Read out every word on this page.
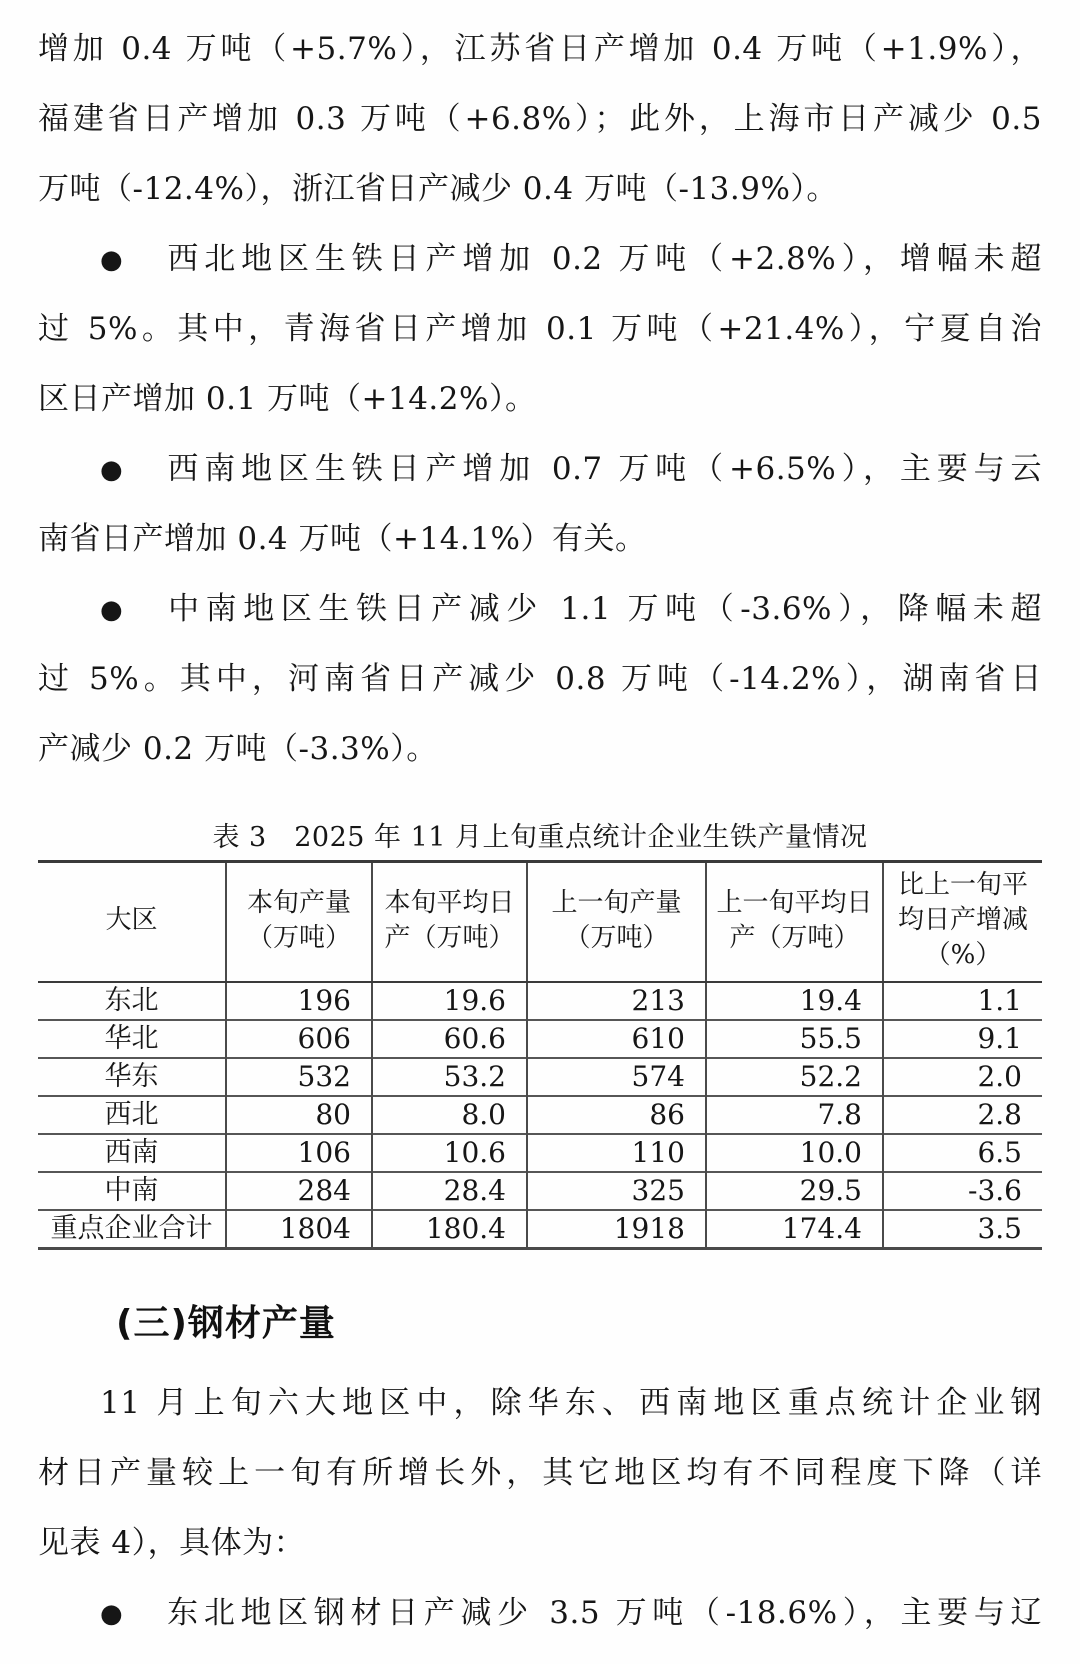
增加 0.4 万吨（+5.7%），江苏省日产增加 0.4 万吨（+1.9%），
福建省日产增加 0.3 万吨（+6.8%）；此外，上海市日产减少 0.5
万吨（-12.4%），浙江省日产减少 0.4 万吨（-13.9%）。
● 西北地区生铁日产增加 0.2 万吨（+2.8%），增幅未超
过 5%。其中，青海省日产增加 0.1 万吨（+21.4%），宁夏自治
区日产增加 0.1 万吨（+14.2%）。
● 西南地区生铁日产增加 0.7 万吨（+6.5%），主要与云
南省日产增加 0.4 万吨（+14.1%）有关。
● 中南地区生铁日产减少 1.1 万吨（-3.6%），降幅未超
过 5%。其中，河南省日产减少 0.8 万吨（-14.2%），湖南省日
产减少 0.2 万吨（-3.3%）。
表 3　2025 年 11 月上旬重点统计企业生铁产量情况
大区	本旬产量（万吨）	本旬平均日产（万吨）	上一旬产量（万吨）	上一旬平均日产（万吨）	比上一旬平均日产增减（%）
东北	196	19.6	213	19.4	1.1
华北	606	60.6	610	55.5	9.1
华东	532	53.2	574	52.2	2.0
西北	80	8.0	86	7.8	2.8
西南	106	10.6	110	10.0	6.5
中南	284	28.4	325	29.5	-3.6
重点企业合计	1804	180.4	1918	174.4	3.5
(三)钢材产量
11 月上旬六大地区中，除华东、西南地区重点统计企业钢
材日产量较上一旬有所增长外，其它地区均有不同程度下降（详
见表 4），具体为：
● 东北地区钢材日产减少 3.5 万吨（-18.6%），主要与辽
